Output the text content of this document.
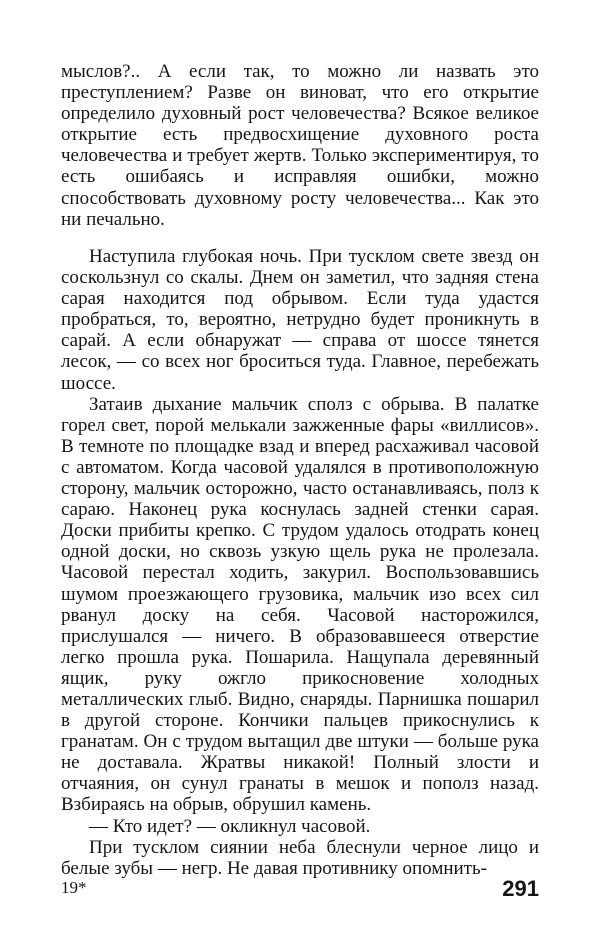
мыслов?.. А если так, то можно ли назвать это преступлением? Разве он виноват, что его открытие определило духовный рост человечества? Всякое великое открытие есть предвосхищение духовного роста человечества и требует жертв. Только экспериментируя, то есть ошибаясь и исправляя ошибки, можно способствовать духовному росту человечества... Как это ни печально.

Наступила глубокая ночь. При тусклом свете звезд он соскользнул со скалы. Днем он заметил, что задняя стена сарая находится под обрывом. Если туда удастся пробраться, то, вероятно, нетрудно будет проникнуть в сарай. А если обнаружат — справа от шоссе тянется лесок, — со всех ног броситься туда. Главное, перебежать шоссе.

Затаив дыхание мальчик сполз с обрыва. В палатке горел свет, порой мелькали зажженные фары «виллисов». В темноте по площадке взад и вперед расхаживал часовой с автоматом. Когда часовой удалялся в противоположную сторону, мальчик осторожно, часто останавливаясь, полз к сараю. Наконец рука коснулась задней стенки сарая. Доски прибиты крепко. С трудом удалось отодрать конец одной доски, но сквозь узкую щель рука не пролезала. Часовой перестал ходить, закурил. Воспользовавшись шумом проезжающего грузовика, мальчик изо всех сил рванул доску на себя. Часовой насторожился, прислушался — ничего. В образовавшееся отверстие легко прошла рука. Пошарила. Нащупала деревянный ящик, руку ожгло прикосновение холодных металлических глыб. Видно, снаряды. Парнишка пошарил в другой стороне. Кончики пальцев прикоснулись к гранатам. Он с трудом вытащил две штуки — больше рука не доставала. Жратвы никакой! Полный злости и отчаяния, он сунул гранаты в мешок и пополз назад. Взбираясь на обрыв, обрушил камень.

— Кто идет? — окликнул часовой.

При тусклом сиянии неба блеснули черное лицо и белые зубы — негр. Не давая противнику опомнить-

19*	291
